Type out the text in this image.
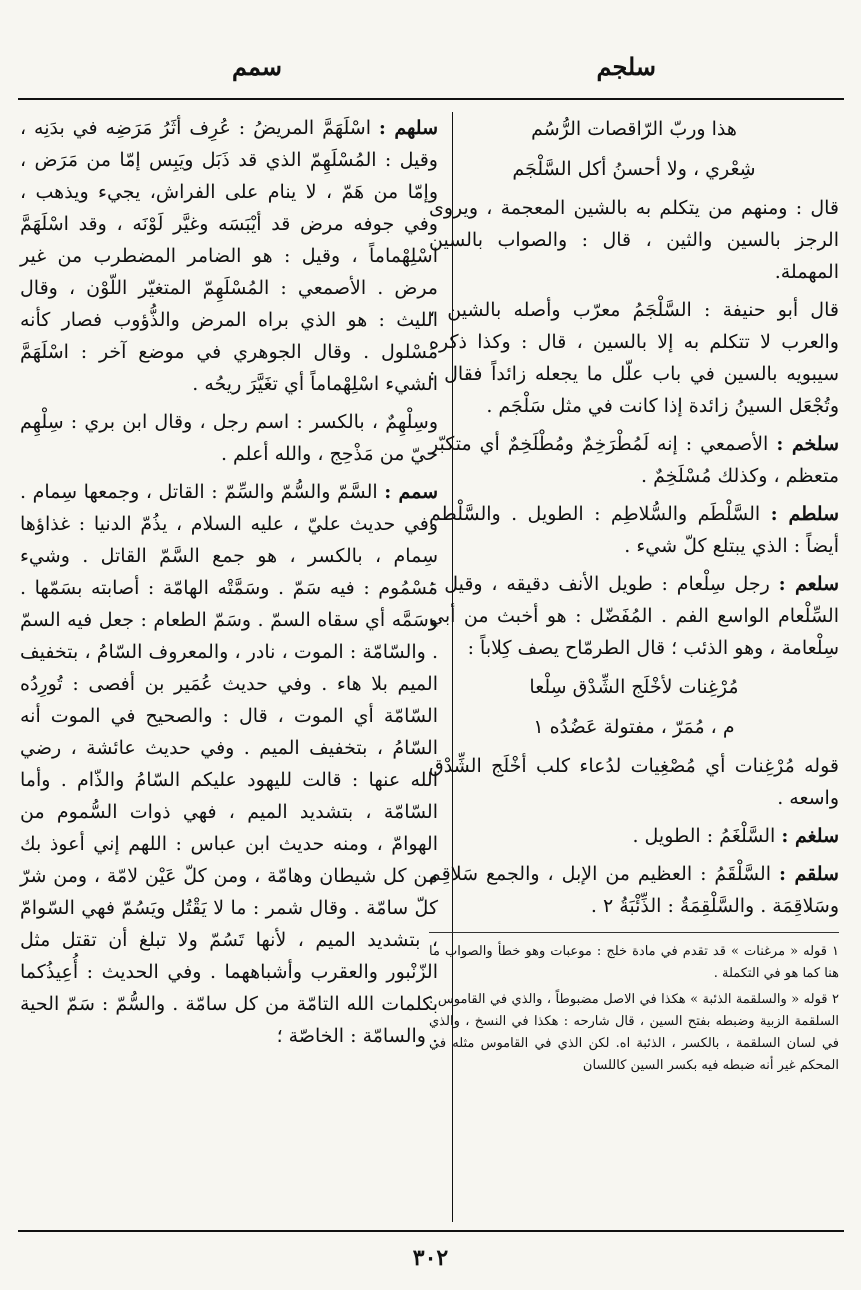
سلجم
سمم
هذا وربّ الرّاقصات الرُّسُم
شِعْري ، ولا أحسنُ أكل السَّلْجَم

قال : ومنهم من يتكلم به بالشين المعجمة ، ويروى الرجز بالسين والثين ، قال : والصواب بالسين المهملة.

قال أبو حنيفة : السَّلْجَمُ معرّب وأصله بالشين ، والعرب لا تتكلم به إلا بالسين ، قال : وكذا ذكره سيبويه بالسين في باب علّل ما يجعله زائداً فقال : وتُجْعَل السينُ زائدة إذا كانت في مثل سَلْجَم .

سلخم : الأصمعي : إنه لَمُطْرَخِمٌ ومُطْلَخِمٌ أي متكبّر متعظم ، وكذلك مُسْلَخِمٌ .

سلطم : السَّلْطَم والسُّلاطِم : الطويل . والسَّلْطم أيضاً : الذي يبتلع كلّ شيء .

سلعم : رجل سِلْعام : طويل الأنف دقيقه ، وقيل : السِّلْعام الواسع الفم . المُفَضّل : هو أخبث من أبي سِلْعامة ، وهو الذئب ؛ قال الطرمّاح يصف كِلاباً :

مُرْغِنات لأخْلَج الشِّدْق سِلْعا
م ، مُمَرّ ، مفتولة عَضُدُه ١

قوله مُرْغِنات أي مُصْغِيات لدُعاء كلب أخْلَج الشِّدْق واسعه .

سلغم : السَّلْغَمُ : الطويل .

سلقم : السَّلْقَمُ : العظيم من الإبل ، والجمع سَلاقِم وسَلاقِمَة . والسَّلْقِمَةُ : الذِّئْبَةُ ٢ .

١ قوله « مرغنات » قد تقدم في مادة خلج : موعبات وهو خطأ والصواب ما هنا كما هو في التكملة .

٢ قوله « والسلقمة الذئبة » هكذا في الاصل مضبوطاً ، والذي في القاموس : السلقمة الزبية وضبطه بفتح السين ، قال شارحه : هكذا في النسخ ، والذي في لسان السلقمة ، بالكسر ، الذئبة اه. لكن الذي في القاموس مثله في المحكم غير أنه ضبطه فيه بكسر السين كاللسان

سلهم : اسْلَهَمَّ المريضُ : عُرِف أثَرُ مَرَضِه في بدَنِه ، وقيل : المُسْلَهِمّ الذي قد ذَبَل ويَبِس إمّا من مَرَض ، وإمّا من هَمّ ، لا ينام على الفراش، يجيء ويذهب ، وفي جوفه مرض قد أيْبَسَه وغيَّر لَوْنَه ، وقد اسْلَهَمَّ اسْلِهْماماً ، وقيل : هو الضامر المضطرب من غير مرض . الأصمعي : المُسْلَهِمّ المتغيّر اللّوْن ، وقال الليث : هو الذي براه المرض والذُّؤوب فصار كأنه مَسْلول . وقال الجوهري في موضع آخر : اسْلَهَمَّ الشيء اسْلِهْماماً أي تغَيَّرَ ريحُه .

وسِلْهِمٌ ، بالكسر : اسم رجل ، وقال ابن بري : سِلْهِم حيّ من مَذْحِج ، والله أعلم .

سمم : السَّمّ والسُّمّ والسِّمّ : القاتل ، وجمعها سِمام . وفي حديث عليّ ، عليه السلام ، يذُمّ الدنيا : غذاؤها سِمام ، بالكسر ، هو جمع السَّمّ القاتل . وشيء مَسْمُوم : فيه سَمّ . وسَمَّتْه الهامّة : أصابته بسَمّها . وسَمَّه أي سقاه السمّ . وسَمّ الطعام : جعل فيه السمّ . والسّامّة : الموت ، نادر ، والمعروف السّامُ ، بتخفيف الميم بلا هاء . وفي حديث عُمَير بن أفصى : تُورِدُه السّامّة أي الموت ، قال : والصحيح في الموت أنه السّامُ ، بتخفيف الميم . وفي حديث عائشة ، رضي الله عنها : قالت لليهود عليكم السّامُ والذّام . وأما السّامّة ، بتشديد الميم ، فهي ذوات السُّموم من الهوامّ ، ومنه حديث ابن عباس : اللهم إني أعوذ بك من كل شيطان وهامّة ، ومن كلّ عَيْن لامّة ، ومن شرّ كلّ سامّة . وقال شمر : ما لا يَقْتُل ويَسُمّ فهي السّوامّ ، بتشديد الميم ، لأنها تَسُمّ ولا تبلغ أن تقتل مثل الزّنْبور والعقرب وأشباههما . وفي الحديث : أُعِيذُكما بكلمات الله التامّة من كل سامّة . والسُّمّ : سَمّ الحية . والسامّة : الخاصّة ؛

٣٠٢
